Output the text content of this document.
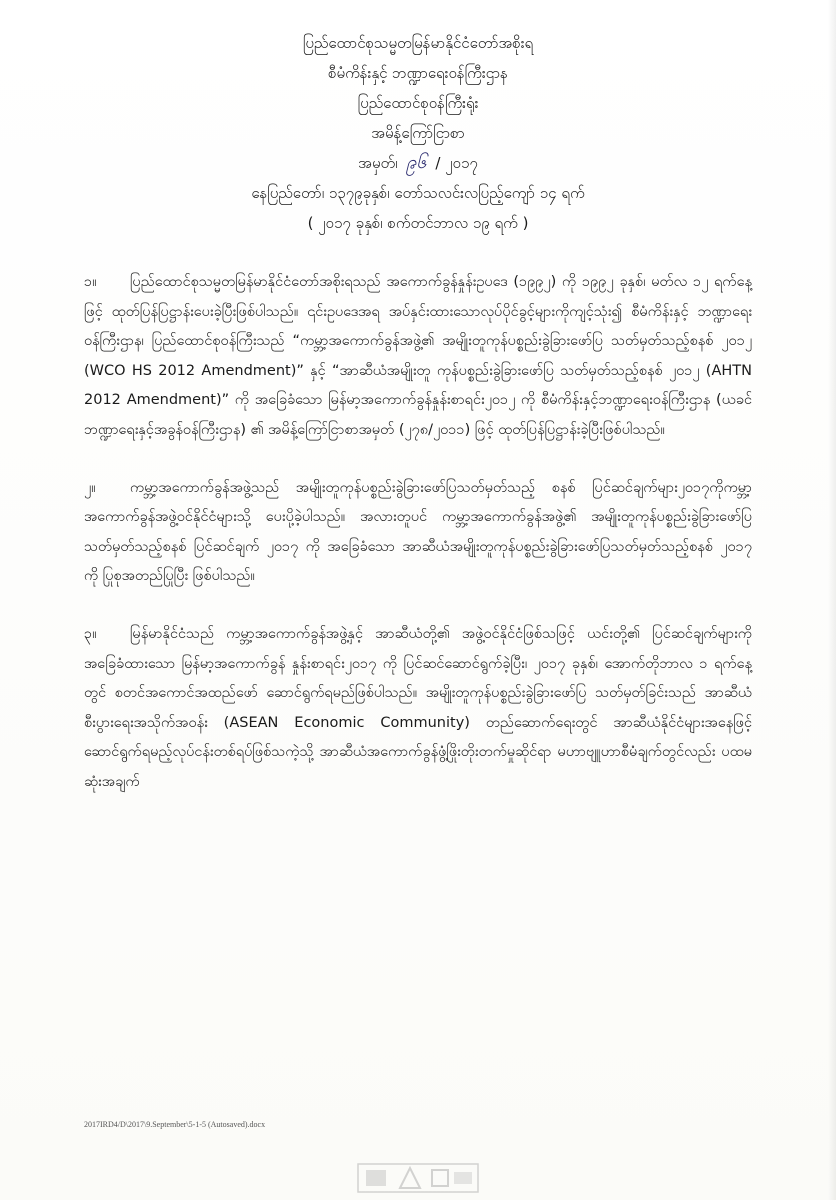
ပြည်ထောင်စုသမ္မတမြန်မာနိုင်ငံတော်အစိုးရ
စီမံကိန်းနှင့် ဘဏ္ဍာရေးဝန်ကြီးဌာန
ပြည်ထောင်စုဝန်ကြီးရုံး
အမိန့်ကြော်ငြာစာ
အမှတ်၊ ၉၆ / ၂၀၁၇
နေပြည်တော်၊ ၁၃၇၉ခုနှစ်၊ တော်သလင်းလပြည့်ကျော် ၁၄ ရက်
( ၂၀၁၇ ခုနှစ်၊ စက်တင်ဘာလ ၁၉ ရက် )

၁။ ပြည်ထောင်စုသမ္မတမြန်မာနိုင်ငံတော်အစိုးရသည် အကောက်ခွန်နှုန်းဥပဒေ (၁၉၉၂) ကို ၁၉၉၂ ခုနှစ်၊ မတ်လ ၁၂ ရက်နေ့ဖြင့် ထုတ်ပြန်ပြဋ္ဌာန်းပေးခဲ့ပြီးဖြစ်ပါသည်။ ၎င်းဥပဒေအရ အပ်နှင်းထားသောလုပ်ပိုင်ခွင့်များကိုကျင့်သုံး၍ စီမံကိန်းနှင့် ဘဏ္ဍာရေးဝန်ကြီးဌာန၊ ပြည်ထောင်စုဝန်ကြီးသည် “ကမ္ဘာ့အကောက်ခွန်အဖွဲ့၏ အမျိုးတူကုန်ပစ္စည်းခွဲခြားဖော်ပြ သတ်မှတ်သည့်စနစ် ၂၀၁၂ (WCO HS 2012 Amendment)” နှင့် “အာဆီယံအမျိုးတူ ကုန်ပစ္စည်းခွဲခြားဖော်ပြ သတ်မှတ်သည့်စနစ် ၂၀၁၂ (AHTN 2012 Amendment)” ကို အခြေခံသော မြန်မာ့အကောက်ခွန်နှုန်းစာရင်း၂၀၁၂ ကို စီမံကိန်းနှင့်ဘဏ္ဍာရေးဝန်ကြီးဌာန (ယခင် ဘဏ္ဍာရေးနှင့်အခွန်ဝန်ကြီးဌာန) ၏ အမိန့်ကြော်ငြာစာအမှတ် (၂၇၈/၂၀၁၁) ဖြင့် ထုတ်ပြန်ပြဋ္ဌာန်းခဲ့ပြီးဖြစ်ပါသည်။

၂။ ကမ္ဘာ့အကောက်ခွန်အဖွဲ့သည် အမျိုးတူကုန်ပစ္စည်းခွဲခြားဖော်ပြသတ်မှတ်သည့် စနစ် ပြင်ဆင်ချက်များ၂၀၁၇ကိုကမ္ဘာ့အကောက်ခွန်အဖွဲ့ဝင်နိုင်ငံများသို့ ပေးပို့ခဲ့ပါသည်။ အလားတူပင် ကမ္ဘာ့အကောက်ခွန်အဖွဲ့၏ အမျိုးတူကုန်ပစ္စည်းခွဲခြားဖော်ပြသတ်မှတ်သည့်စနစ် ပြင်ဆင်ချက် ၂၀၁၇ ကို အခြေခံသော အာဆီယံအမျိုးတူကုန်ပစ္စည်းခွဲခြားဖော်ပြသတ်မှတ်သည့်စနစ် ၂၀၁၇ ကို ပြုစုအတည်ပြုပြီး ဖြစ်ပါသည်။

၃။ မြန်မာနိုင်ငံသည် ကမ္ဘာ့အကောက်ခွန်အဖွဲ့နှင့် အာဆီယံတို့၏ အဖွဲ့ဝင်နိုင်ငံဖြစ်သဖြင့် ယင်းတို့၏ ပြင်ဆင်ချက်များကို အခြေခံထားသော မြန်မာ့အကောက်ခွန် နှုန်းစာရင်း၂၀၁၇ ကို ပြင်ဆင်ဆောင်ရွက်ခဲ့ပြီး၊ ၂၀၁၇ ခုနှစ်၊ အောက်တိုဘာလ ၁ ရက်နေ့တွင် စတင်အကောင်အထည်ဖော် ဆောင်ရွက်ရမည်ဖြစ်ပါသည်။ အမျိုးတူကုန်ပစ္စည်းခွဲခြားဖော်ပြ သတ်မှတ်ခြင်းသည် အာဆီယံစီးပွားရေးအသိုက်အဝန်း (ASEAN Economic Community) တည်ဆောက်ရေးတွင် အာဆီယံနိုင်ငံများအနေဖြင့် ဆောင်ရွက်ရမည့်လုပ်ငန်းတစ်ရပ်ဖြစ်သကဲ့သို့ အာဆီယံအကောက်ခွန်ဖွံ့ဖြိုးတိုးတက်မှုဆိုင်ရာ မဟာဗျူဟာစီမံချက်တွင်လည်း ပထမဆုံးအချက်

2017IRD4/D\2017\9.September\5-1-5 (Autosaved).docx
